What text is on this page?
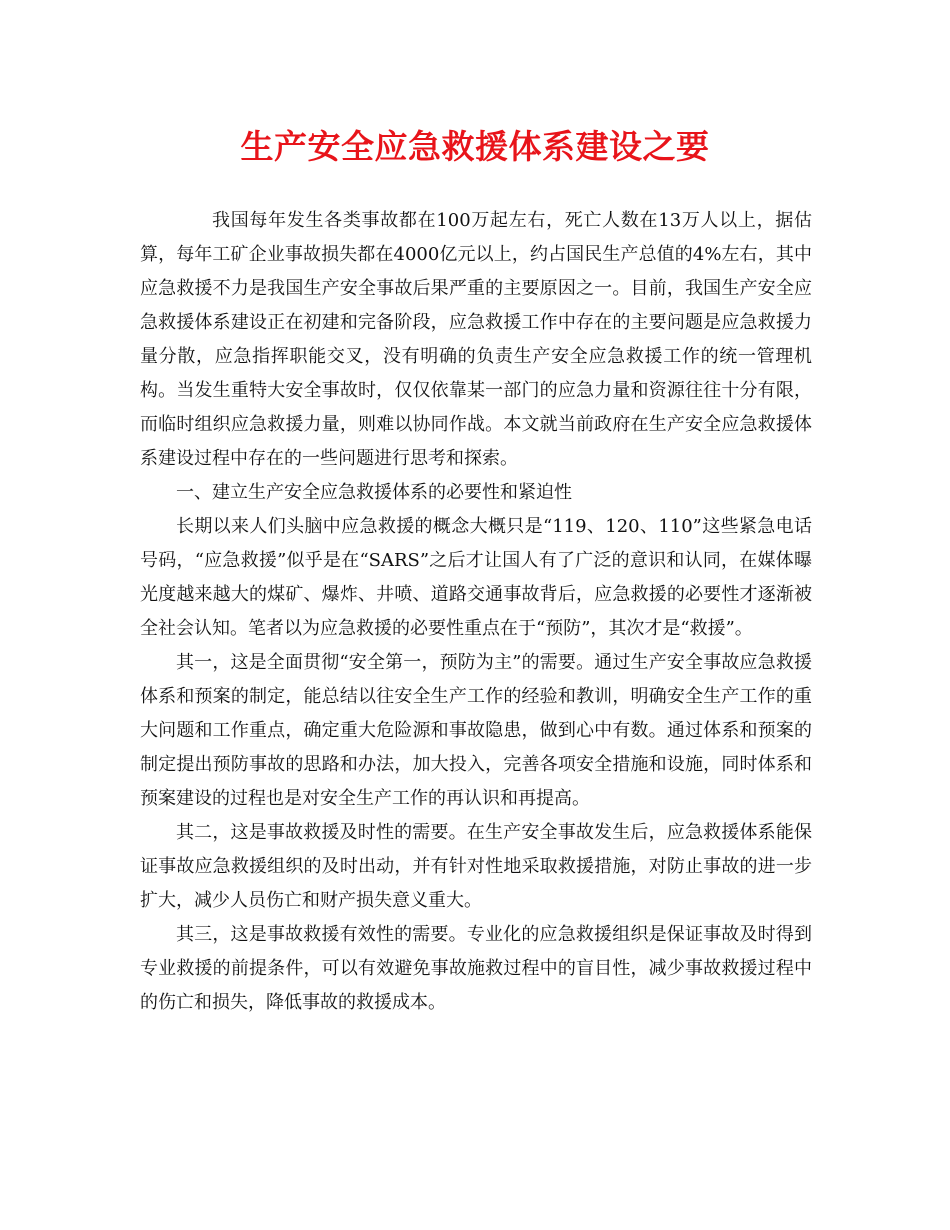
生产安全应急救援体系建设之要

我国每年发生各类事故都在100万起左右，死亡人数在13万人以上，据估算，每年工矿企业事故损失都在4000亿元以上，约占国民生产总值的4%左右，其中应急救援不力是我国生产安全事故后果严重的主要原因之一。目前，我国生产安全应急救援体系建设正在初建和完备阶段，应急救援工作中存在的主要问题是应急救援力量分散，应急指挥职能交叉，没有明确的负责生产安全应急救援工作的统一管理机构。当发生重特大安全事故时，仅仅依靠某一部门的应急力量和资源往往十分有限，而临时组织应急救援力量，则难以协同作战。本文就当前政府在生产安全应急救援体系建设过程中存在的一些问题进行思考和探索。

一、建立生产安全应急救援体系的必要性和紧迫性

长期以来人们头脑中应急救援的概念大概只是“119、120、110”这些紧急电话号码，“应急救援”似乎是在“SARS”之后才让国人有了广泛的意识和认同，在媒体曝光度越来越大的煤矿、爆炸、井喷、道路交通事故背后，应急救援的必要性才逐渐被全社会认知。笔者以为应急救援的必要性重点在于“预防”，其次才是“救援”。

其一，这是全面贯彻“安全第一，预防为主”的需要。通过生产安全事故应急救援体系和预案的制定，能总结以往安全生产工作的经验和教训，明确安全生产工作的重大问题和工作重点，确定重大危险源和事故隐患，做到心中有数。通过体系和预案的制定提出预防事故的思路和办法，加大投入，完善各项安全措施和设施，同时体系和预案建设的过程也是对安全生产工作的再认识和再提高。

其二，这是事故救援及时性的需要。在生产安全事故发生后，应急救援体系能保证事故应急救援组织的及时出动，并有针对性地采取救援措施，对防止事故的进一步扩大，减少人员伤亡和财产损失意义重大。

其三，这是事故救援有效性的需要。专业化的应急救援组织是保证事故及时得到专业救援的前提条件，可以有效避免事故施救过程中的盲目性，减少事故救援过程中的伤亡和损失，降低事故的救援成本。
